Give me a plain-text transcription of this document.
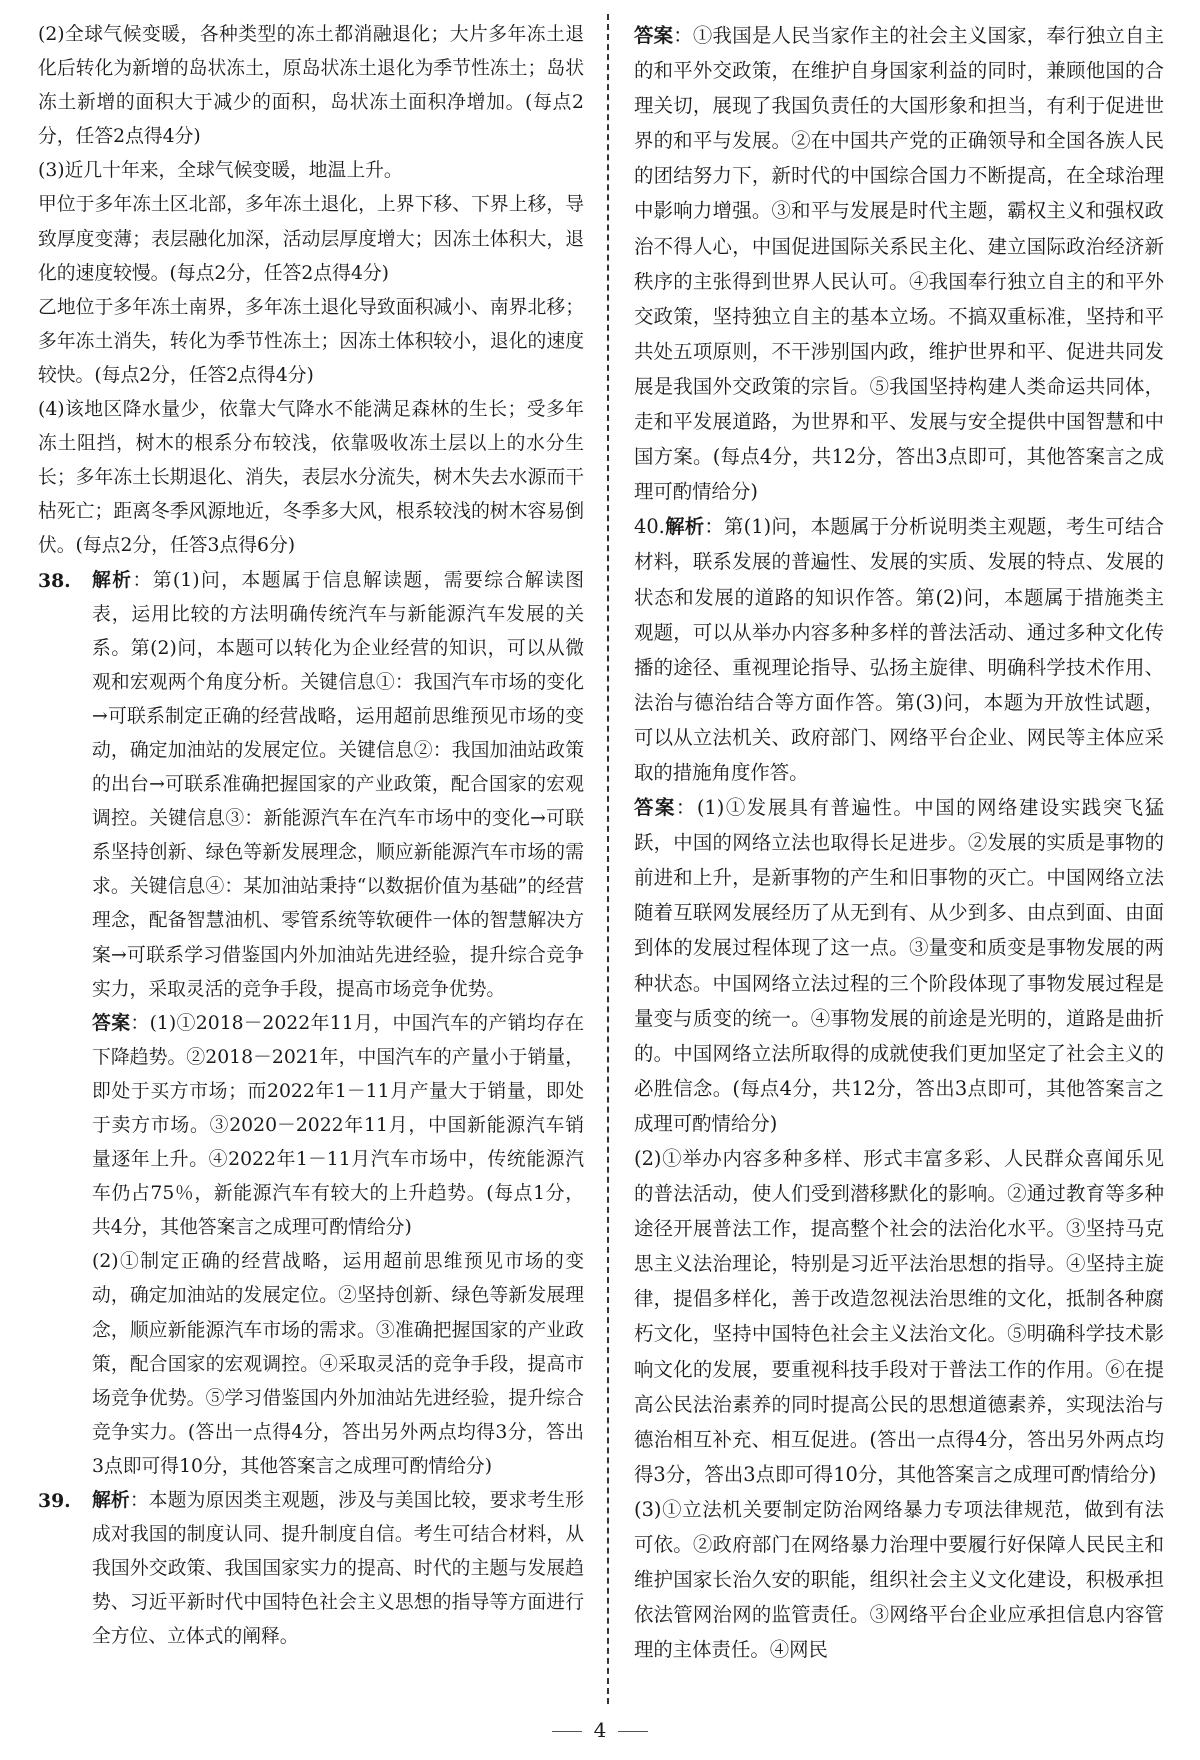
(2)全球气候变暖，各种类型的冻土都消融退化；大片多年冻土退化后转化为新增的岛状冻土，原岛状冻土退化为季节性冻土；岛状冻土新增的面积大于减少的面积，岛状冻土面积净增加。(每点2分，任答2点得4分)

(3)近几十年来，全球气候变暖，地温上升。

甲位于多年冻土区北部，多年冻土退化，上界下移、下界上移，导致厚度变薄；表层融化加深，活动层厚度增大；因冻土体积大，退化的速度较慢。(每点2分，任答2点得4分)

乙地位于多年冻土南界，多年冻土退化导致面积减小、南界北移；多年冻土消失，转化为季节性冻土；因冻土体积较小，退化的速度较快。(每点2分，任答2点得4分)

(4)该地区降水量少，依靠大气降水不能满足森林的生长；受多年冻土阻挡，树木的根系分布较浅，依靠吸收冻土层以上的水分生长；多年冻土长期退化、消失，表层水分流失，树木失去水源而干枯死亡；距离冬季风源地近，冬季多大风，根系较浅的树木容易倒伏。(每点2分，任答3点得6分)

38. 解析：第(1)问，本题属于信息解读题，需要综合解读图表，运用比较的方法明确传统汽车与新能源汽车发展的关系。第(2)问，本题可以转化为企业经营的知识，可以从微观和宏观两个角度分析。关键信息①：我国汽车市场的变化→可联系制定正确的经营战略，运用超前思维预见市场的变动，确定加油站的发展定位。关键信息②：我国加油站政策的出台→可联系准确把握国家的产业政策，配合国家的宏观调控。关键信息③：新能源汽车在汽车市场中的变化→可联系坚持创新、绿色等新发展理念，顺应新能源汽车市场的需求。关键信息④：某加油站秉持“以数据价值为基础”的经营理念，配备智慧油机、零管系统等软硬件一体的智慧解决方案→可联系学习借鉴国内外加油站先进经验，提升综合竞争实力，采取灵活的竞争手段，提高市场竞争优势。

答案：(1)①2018－2022年11月，中国汽车的产销均存在下降趋势。②2018－2021年，中国汽车的产量小于销量，即处于买方市场；而2022年1－11月产量大于销量，即处于卖方市场。③2020－2022年11月，中国新能源汽车销量逐年上升。④2022年1－11月汽车市场中，传统能源汽车仍占75％，新能源汽车有较大的上升趋势。(每点1分，共4分，其他答案言之成理可酌情给分)

(2)①制定正确的经营战略，运用超前思维预见市场的变动，确定加油站的发展定位。②坚持创新、绿色等新发展理念，顺应新能源汽车市场的需求。③准确把握国家的产业政策，配合国家的宏观调控。④采取灵活的竞争手段，提高市场竞争优势。⑤学习借鉴国内外加油站先进经验，提升综合竞争实力。(答出一点得4分，答出另外两点均得3分，答出3点即可得10分，其他答案言之成理可酌情给分)

39. 解析：本题为原因类主观题，涉及与美国比较，要求考生形成对我国的制度认同、提升制度自信。考生可结合材料，从我国外交政策、我国国家实力的提高、时代的主题与发展趋势、习近平新时代中国特色社会主义思想的指导等方面进行全方位、立体式的阐释。

答案：①我国是人民当家作主的社会主义国家，奉行独立自主的和平外交政策，在维护自身国家利益的同时，兼顾他国的合理关切，展现了我国负责任的大国形象和担当，有利于促进世界的和平与发展。②在中国共产党的正确领导和全国各族人民的团结努力下，新时代的中国综合国力不断提高，在全球治理中影响力增强。③和平与发展是时代主题，霸权主义和强权政治不得人心，中国促进国际关系民主化、建立国际政治经济新秩序的主张得到世界人民认可。④我国奉行独立自主的和平外交政策，坚持独立自主的基本立场。不搞双重标准，坚持和平共处五项原则，不干涉别国内政，维护世界和平、促进共同发展是我国外交政策的宗旨。⑤我国坚持构建人类命运共同体，走和平发展道路，为世界和平、发展与安全提供中国智慧和中国方案。(每点4分，共12分，答出3点即可，其他答案言之成理可酌情给分)

40.解析：第(1)问，本题属于分析说明类主观题，考生可结合材料，联系发展的普遍性、发展的实质、发展的特点、发展的状态和发展的道路的知识作答。第(2)问，本题属于措施类主观题，可以从举办内容多种多样的普法活动、通过多种文化传播的途径、重视理论指导、弘扬主旋律、明确科学技术作用、法治与德治结合等方面作答。第(3)问，本题为开放性试题，可以从立法机关、政府部门、网络平台企业、网民等主体应采取的措施角度作答。

答案：(1)①发展具有普遍性。中国的网络建设实践突飞猛跃，中国的网络立法也取得长足进步。②发展的实质是事物的前进和上升，是新事物的产生和旧事物的灭亡。中国网络立法随着互联网发展经历了从无到有、从少到多、由点到面、由面到体的发展过程体现了这一点。③量变和质变是事物发展的两种状态。中国网络立法过程的三个阶段体现了事物发展过程是量变与质变的统一。④事物发展的前途是光明的，道路是曲折的。中国网络立法所取得的成就使我们更加坚定了社会主义的必胜信念。(每点4分，共12分，答出3点即可，其他答案言之成理可酌情给分)

(2)①举办内容多种多样、形式丰富多彩、人民群众喜闻乐见的普法活动，使人们受到潜移默化的影响。②通过教育等多种途径开展普法工作，提高整个社会的法治化水平。③坚持马克思主义法治理论，特别是习近平法治思想的指导。④坚持主旋律，提倡多样化，善于改造忽视法治思维的文化，抵制各种腐朽文化，坚持中国特色社会主义法治文化。⑤明确科学技术影响文化的发展，要重视科技手段对于普法工作的作用。⑥在提高公民法治素养的同时提高公民的思想道德素养，实现法治与德治相互补充、相互促进。(答出一点得4分，答出另外两点均得3分，答出3点即可得10分，其他答案言之成理可酌情给分)

(3)①立法机关要制定防治网络暴力专项法律规范，做到有法可依。②政府部门在网络暴力治理中要履行好保障人民民主和维护国家长治久安的职能，组织社会主义文化建设，积极承担依法管网治网的监管责任。③网络平台企业应承担信息内容管理的主体责任。④网民

4
